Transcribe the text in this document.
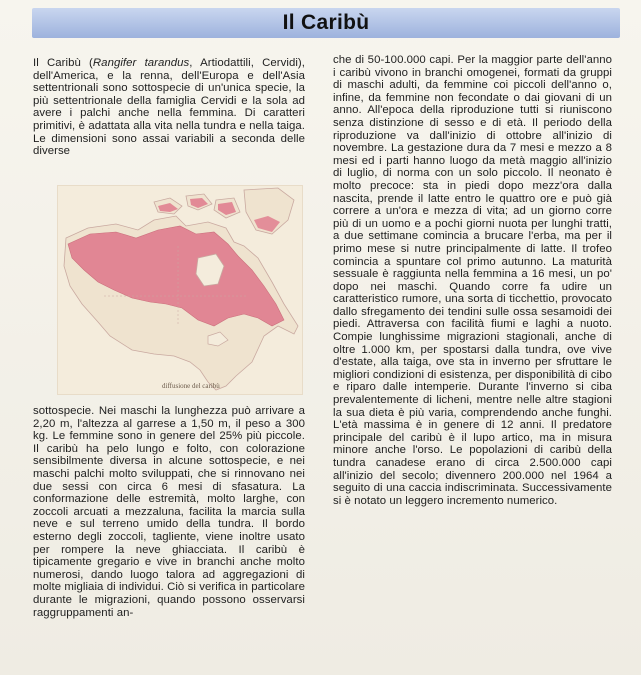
Il Caribù

Il Caribù (Rangifer tarandus, Artiodattili, Cervidi), dell'America, e la renna, dell'Europa e dell'Asia settentrionali sono sottospecie di un'unica specie, la più settentrionale della famiglia Cervidi e la sola ad avere i palchi anche nella femmina. Di caratteri primitivi, è adattata alla vita nella tundra e nella taiga. Le dimensioni sono assai variabili a seconda delle diverse

diffusione del caribù

sottospecie. Nei maschi la lunghezza può arrivare a 2,20 m, l'altezza al garrese a 1,50 m, il peso a 300 kg. Le femmine sono in genere del 25% più piccole. Il caribù ha pelo lungo e folto, con colorazione sensibilmente diversa in alcune sottospecie, e nei maschi palchi molto sviluppati, che si rinnovano nei due sessi con circa 6 mesi di sfasatura. La conformazione delle estremità, molto larghe, con zoccoli arcuati a mezzaluna, facilita la marcia sulla neve e sul terreno umido della tundra. Il bordo esterno degli zoccoli, tagliente, viene inoltre usato per rompere la neve ghiacciata. Il caribù è tipicamente gregario e vive in branchi anche molto numerosi, dando luogo talora ad aggregazioni di molte migliaia di individui. Ciò si verifica in particolare durante le migrazioni, quando possono osservarsi raggruppamenti an-

che di 50-100.000 capi. Per la maggior parte dell'anno i caribù vivono in branchi omogenei, formati da gruppi di maschi adulti, da femmine coi piccoli dell'anno o, infine, da femmine non fecondate o dai giovani di un anno. All'epoca della riproduzione tutti si riuniscono senza distinzione di sesso e di età. Il periodo della riproduzione va dall'inizio di ottobre all'inizio di novembre. La gestazione dura da 7 mesi e mezzo a 8 mesi ed i parti hanno luogo da metà maggio all'inizio di luglio, di norma con un solo piccolo. Il neonato è molto precoce: sta in piedi dopo mezz'ora dalla nascita, prende il latte entro le quattro ore e può già correre a un'ora e mezza di vita; ad un giorno corre più di un uomo e a pochi giorni nuota per lunghi tratti, a due settimane comincia a brucare l'erba, ma per il primo mese si nutre principalmente di latte. Il trofeo comincia a spuntare col primo autunno. La maturità sessuale è raggiunta nella femmina a 16 mesi, un po' dopo nei maschi. Quando corre fa udire un caratteristico rumore, una sorta di ticchettio, provocato dallo sfregamento dei tendini sulle ossa sesamoidi dei piedi. Attraversa con facilità fiumi e laghi a nuoto. Compie lunghissime migrazioni stagionali, anche di oltre 1.000 km, per spostarsi dalla tundra, ove vive d'estate, alla taiga, ove sta in inverno per sfruttare le migliori condizioni di esistenza, per disponibilità di cibo e riparo dalle intemperie. Durante l'inverno si ciba prevalentemente di licheni, mentre nelle altre stagioni la sua dieta è più varia, comprendendo anche funghi. L'età massima è in genere di 12 anni. Il predatore principale del caribù è il lupo artico, ma in misura minore anche l'orso. Le popolazioni di caribù della tundra canadese erano di circa 2.500.000 capi all'inizio del secolo; divennero 200.000 nel 1964 a seguito di una caccia indiscriminata. Successivamente si è notato un leggero incremento numerico.
